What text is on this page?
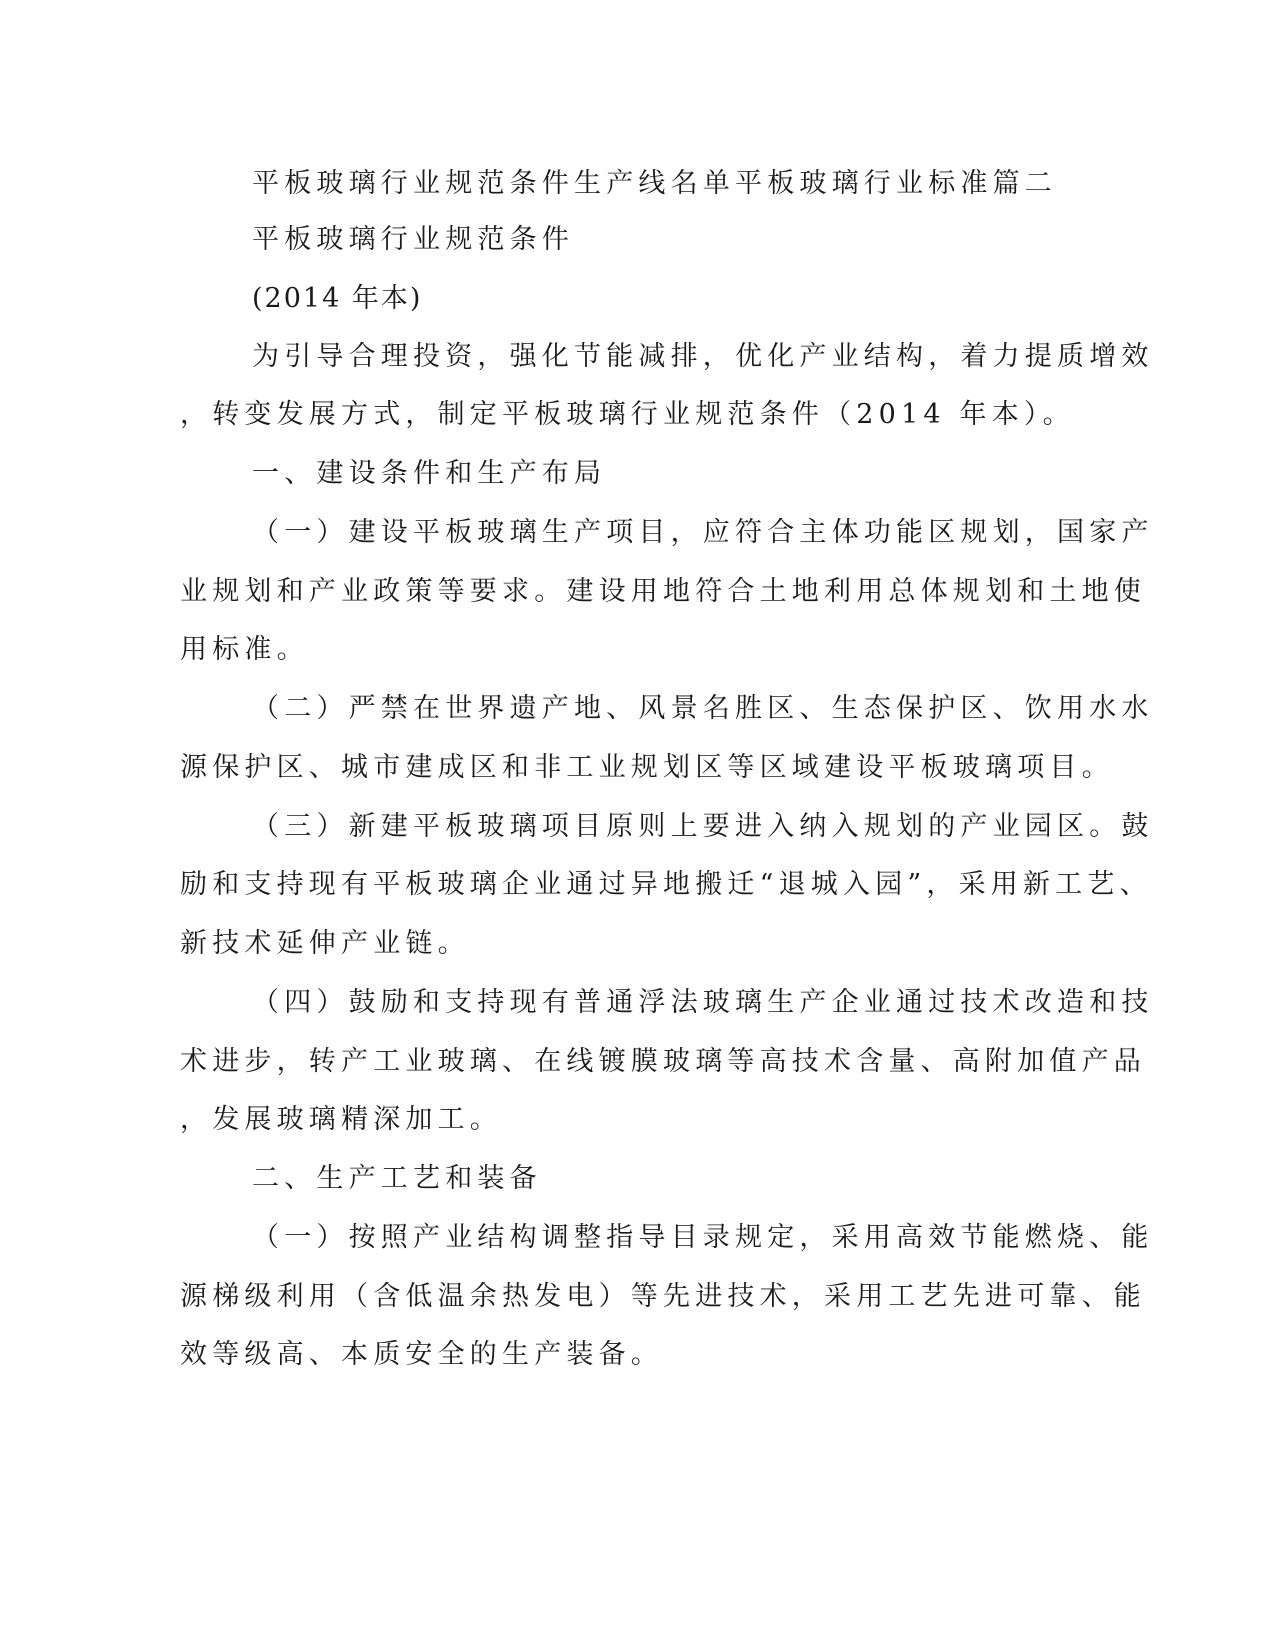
平板玻璃行业规范条件生产线名单平板玻璃行业标准篇二
平板玻璃行业规范条件
(2014 年本)
为引导合理投资，强化节能减排，优化产业结构，着力提质增效
，转变发展方式，制定平板玻璃行业规范条件（2014 年本）。
一、建设条件和生产布局
（一）建设平板玻璃生产项目，应符合主体功能区规划，国家产
业规划和产业政策等要求。建设用地符合土地利用总体规划和土地使
用标准。
（二）严禁在世界遗产地、风景名胜区、生态保护区、饮用水水
源保护区、城市建成区和非工业规划区等区域建设平板玻璃项目。
（三）新建平板玻璃项目原则上要进入纳入规划的产业园区。鼓
励和支持现有平板玻璃企业通过异地搬迁“退城入园”，采用新工艺、
新技术延伸产业链。
（四）鼓励和支持现有普通浮法玻璃生产企业通过技术改造和技
术进步，转产工业玻璃、在线镀膜玻璃等高技术含量、高附加值产品
，发展玻璃精深加工。
二、生产工艺和装备
（一）按照产业结构调整指导目录规定，采用高效节能燃烧、能
源梯级利用（含低温余热发电）等先进技术，采用工艺先进可靠、能
效等级高、本质安全的生产装备。
